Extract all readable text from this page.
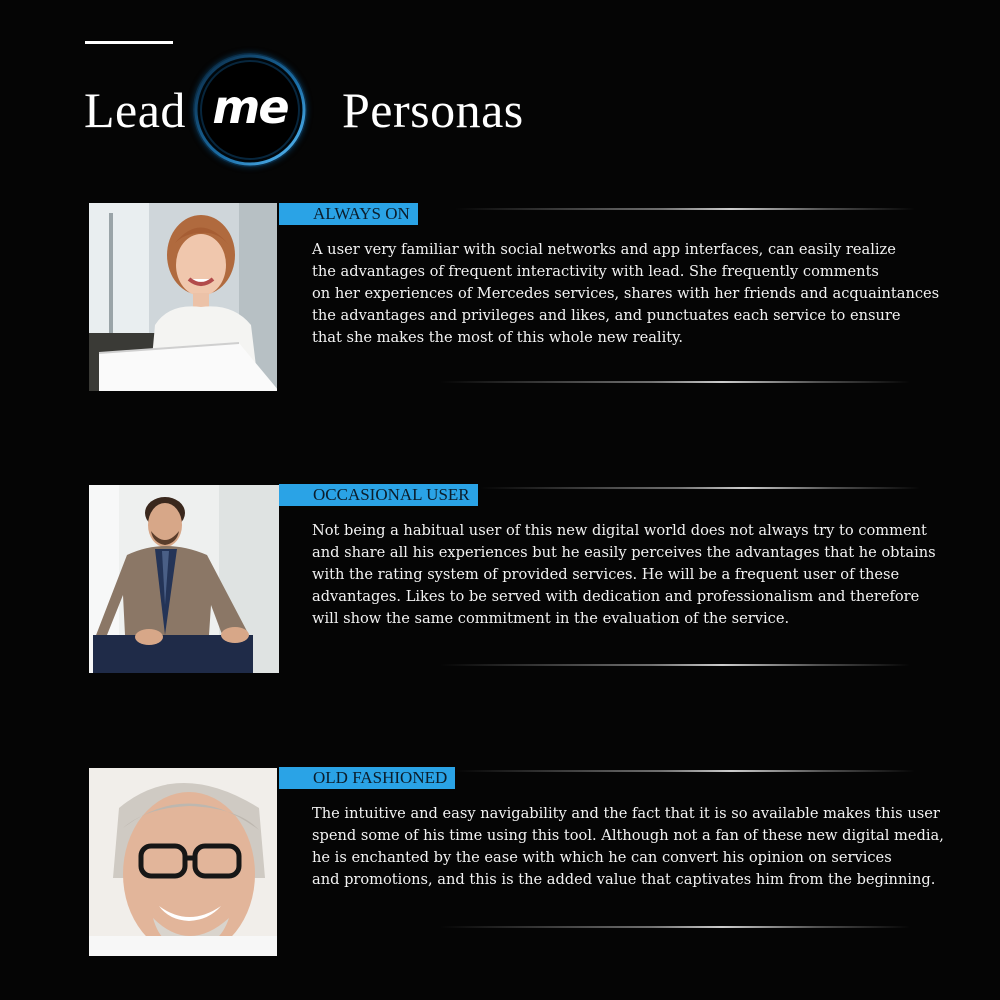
Lead me	Personas
ALWAYS ON

A user very familiar with social networks and app interfaces, can easily realize
the advantages of frequent interactivity with lead. She frequently comments
on her experiences of Mercedes services, shares with her friends and acquaintances
the advantages and privileges and likes, and punctuates each service to ensure
that she makes the most of this whole new reality.

OCCASIONAL USER

Not being a habitual user of this new digital world does not always try to comment
and share all his experiences but he easily perceives the advantages that he obtains
with the rating system of provided services. He will be a frequent user of these
advantages. Likes to be served with dedication and professionalism and therefore
will show the same commitment in the evaluation of the service.

OLD FASHIONED

The intuitive and easy navigability and the fact that it is so available makes this user
spend some of his time using this tool. Although not a fan of these new digital media,
he is enchanted by the ease with which he can convert his opinion on services
and promotions, and this is the added value that captivates him from the beginning.
